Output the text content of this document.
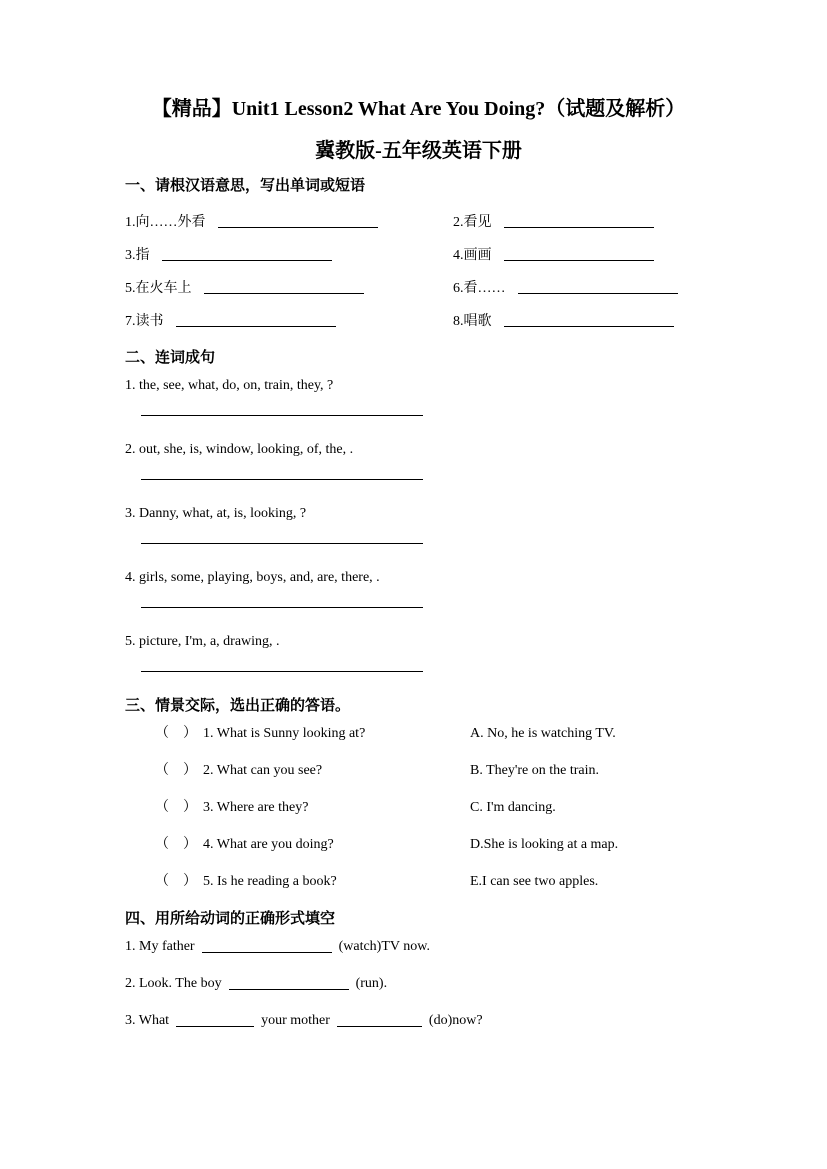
【精品】Unit1 Lesson2 What Are You Doing?（试题及解析）
冀教版-五年级英语下册
一、请根汉语意思，写出单词或短语
1.向……外看	2.看见
3.指	4.画画
5.在火车上	6.看……
7.读书	8.唱歌
二、连词成句
1. the, see, what, do, on, train, they, ?
2. out, she, is, window, looking, of, the, .
3. Danny, what, at, is, looking, ?
4. girls, some, playing, boys, and, are, there, .
5. picture, I'm, a, drawing, .
三、情景交际，选出正确的答语。
（　） 1. What is Sunny looking at?	A. No, he is watching TV.
（　） 2. What can you see?	B. They're on the train.
（　） 3. Where are they?	C. I'm dancing.
（　） 4. What are you doing?	D.She is looking at a map.
（　） 5. Is he reading a book?	E.I can see two apples.
四、用所给动词的正确形式填空
1. My father	(watch)TV now.
2. Look. The boy	(run).
3. What	your mother	(do)now?
